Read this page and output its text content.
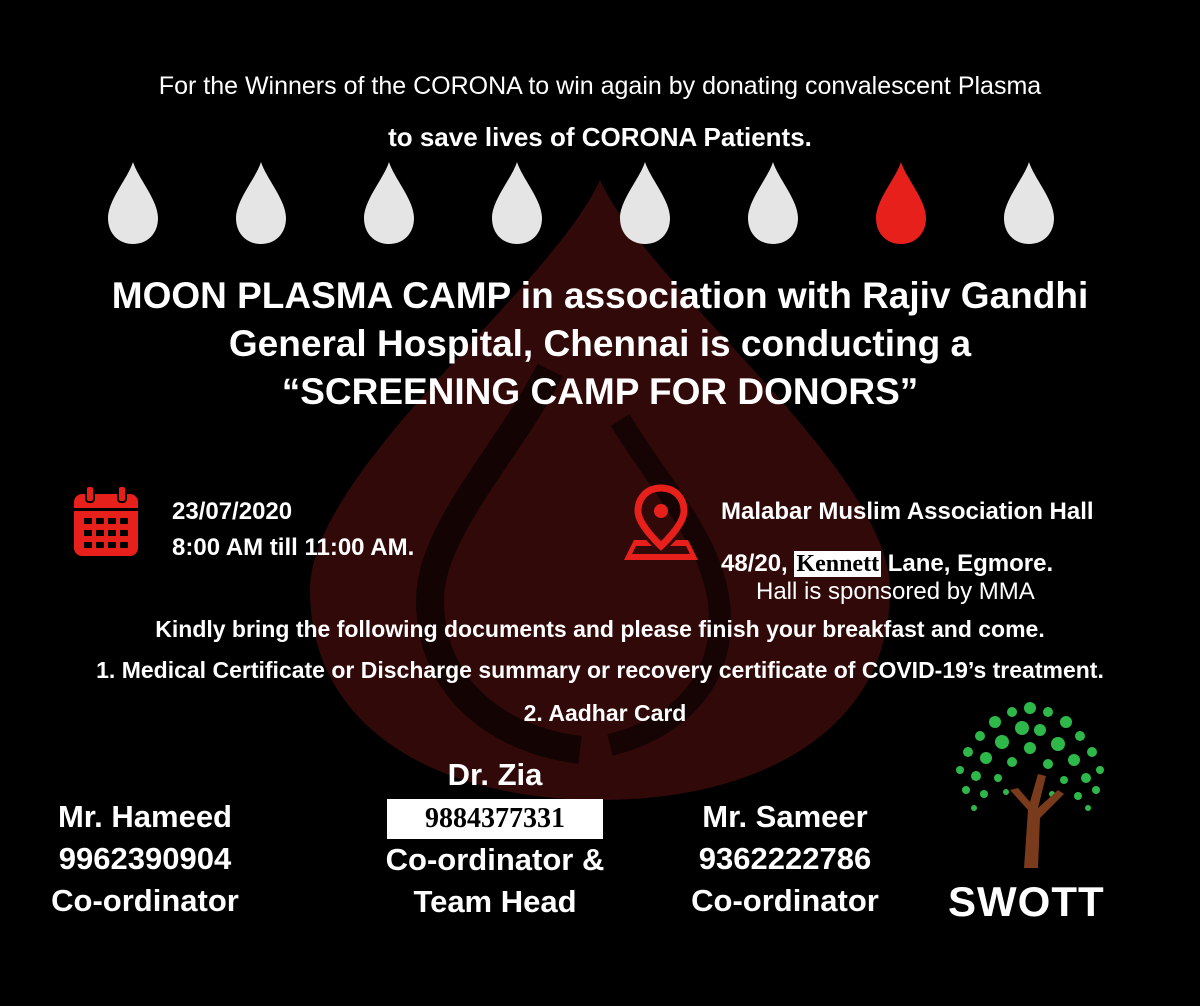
For the Winners of the CORONA to win again by donating convalescent Plasma
to save lives of CORONA Patients.
MOON PLASMA CAMP in association with Rajiv Gandhi
General Hospital, Chennai is conducting a
“SCREENING CAMP FOR DONORS”
23/07/2020
8:00 AM till 11:00 AM.
Malabar Muslim Association Hall
48/20, Kennett Lane, Egmore.
Hall is sponsored by MMA
Kindly bring the following documents and please finish your breakfast and come.
1. Medical Certificate or Discharge summary or recovery certificate of COVID-19’s treatment.
2. Aadhar Card
Mr. Hameed
9962390904
Co-ordinator
Dr. Zia
9884377331
Co-ordinator &
Team Head
Mr. Sameer
9362222786
Co-ordinator	SWOTT
